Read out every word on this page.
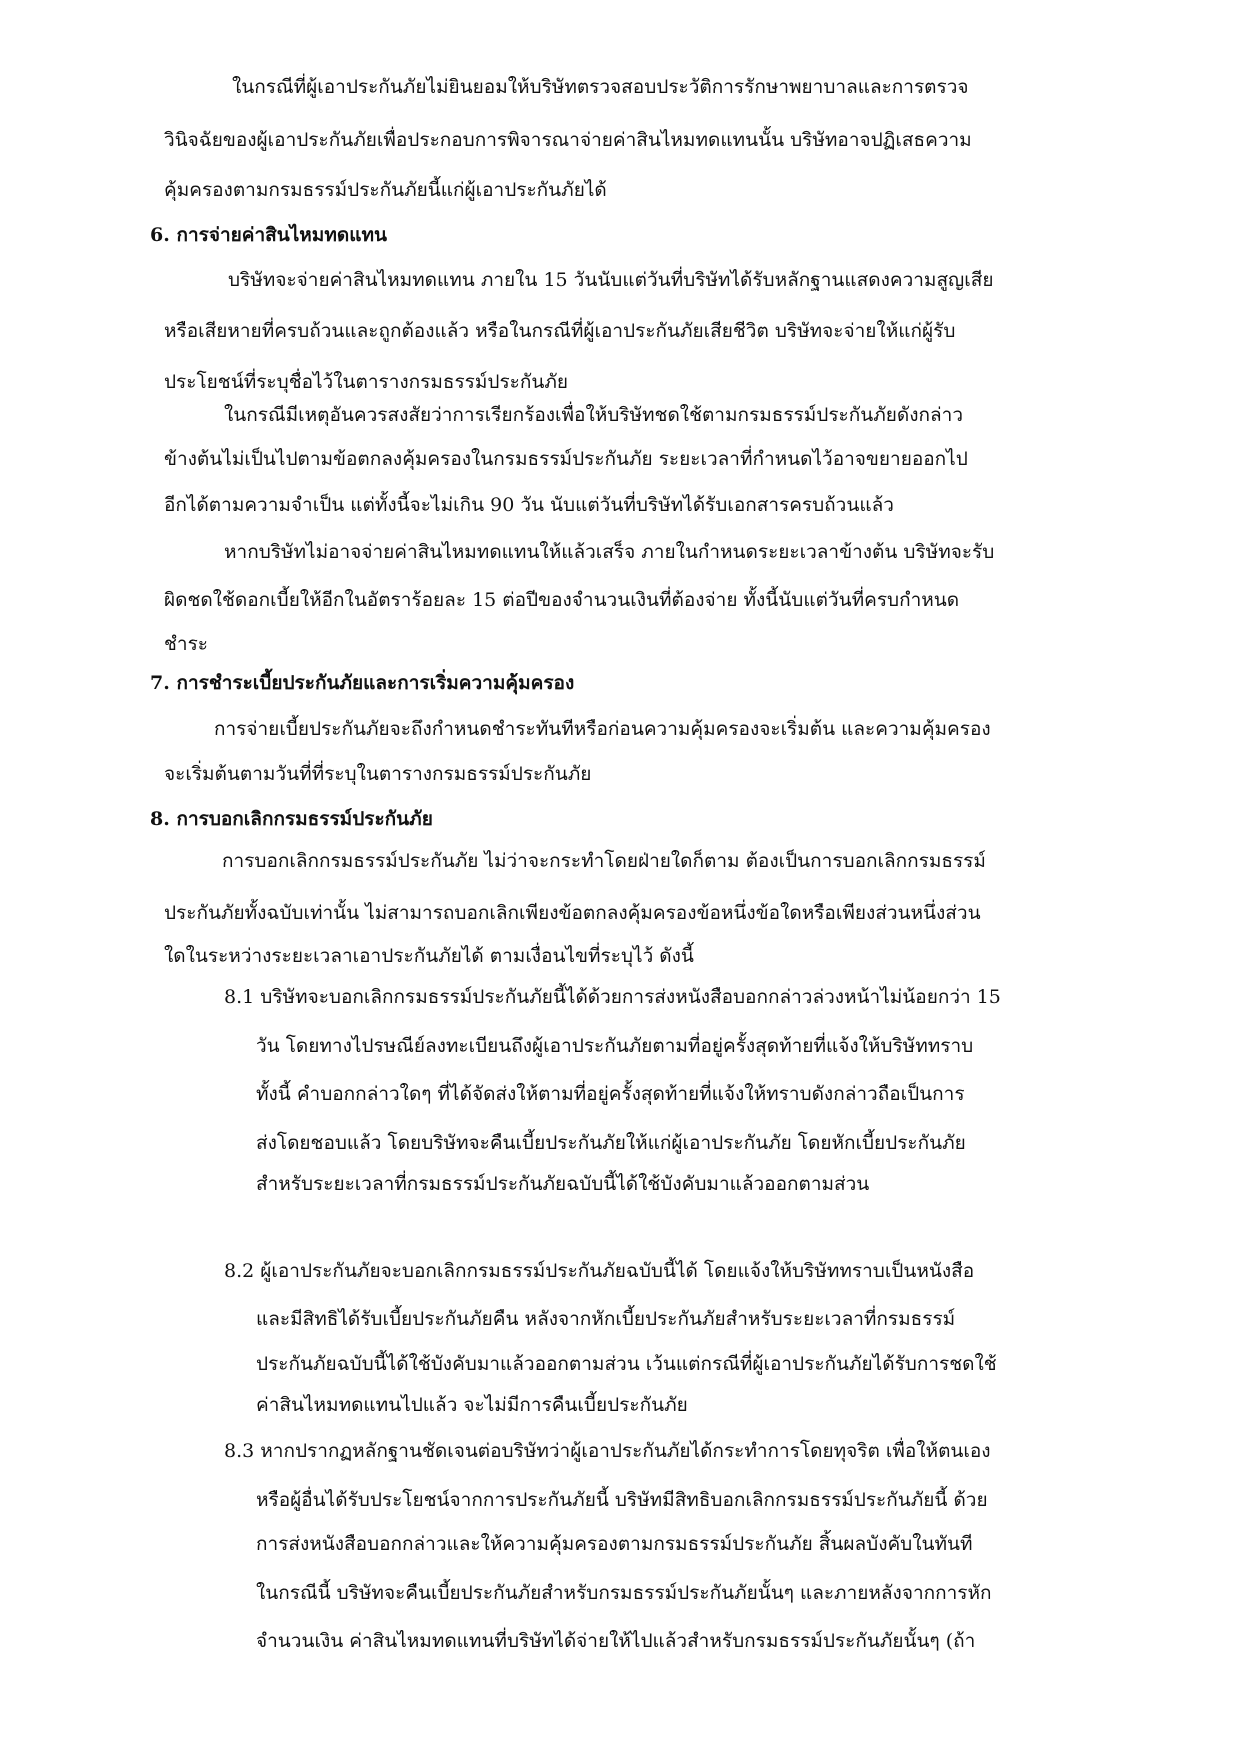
ในกรณีที่ผู้เอาประกันภัยไม่ยินยอมให้บริษัทตรวจสอบประวัติการรักษาพยาบาลและการตรวจ
วินิจฉัยของผู้เอาประกันภัยเพื่อประกอบการพิจารณาจ่ายค่าสินไหมทดแทนนั้น บริษัทอาจปฏิเสธความ
คุ้มครองตามกรมธรรม์ประกันภัยนี้แก่ผู้เอาประกันภัยได้
6. การจ่ายค่าสินไหมทดแทน
บริษัทจะจ่ายค่าสินไหมทดแทน ภายใน 15 วันนับแต่วันที่บริษัทได้รับหลักฐานแสดงความสูญเสีย
หรือเสียหายที่ครบถ้วนและถูกต้องแล้ว หรือในกรณีที่ผู้เอาประกันภัยเสียชีวิต บริษัทจะจ่ายให้แก่ผู้รับ
ประโยชน์ที่ระบุชื่อไว้ในตารางกรมธรรม์ประกันภัย
ในกรณีมีเหตุอันควรสงสัยว่าการเรียกร้องเพื่อให้บริษัทชดใช้ตามกรมธรรม์ประกันภัยดังกล่าว
ข้างต้นไม่เป็นไปตามข้อตกลงคุ้มครองในกรมธรรม์ประกันภัย ระยะเวลาที่กำหนดไว้อาจขยายออกไป
อีกได้ตามความจำเป็น แต่ทั้งนี้จะไม่เกิน 90 วัน นับแต่วันที่บริษัทได้รับเอกสารครบถ้วนแล้ว
หากบริษัทไม่อาจจ่ายค่าสินไหมทดแทนให้แล้วเสร็จ ภายในกำหนดระยะเวลาข้างต้น บริษัทจะรับ
ผิดชดใช้ดอกเบี้ยให้อีกในอัตราร้อยละ 15 ต่อปีของจำนวนเงินที่ต้องจ่าย ทั้งนี้นับแต่วันที่ครบกำหนด
ชำระ
7. การชำระเบี้ยประกันภัยและการเริ่มความคุ้มครอง
การจ่ายเบี้ยประกันภัยจะถึงกำหนดชำระทันทีหรือก่อนความคุ้มครองจะเริ่มต้น และความคุ้มครอง
จะเริ่มต้นตามวันที่ที่ระบุในตารางกรมธรรม์ประกันภัย
8. การบอกเลิกกรมธรรม์ประกันภัย
การบอกเลิกกรมธรรม์ประกันภัย ไม่ว่าจะกระทำโดยฝ่ายใดก็ตาม ต้องเป็นการบอกเลิกกรมธรรม์
ประกันภัยทั้งฉบับเท่านั้น ไม่สามารถบอกเลิกเพียงข้อตกลงคุ้มครองข้อหนึ่งข้อใดหรือเพียงส่วนหนึ่งส่วน
ใดในระหว่างระยะเวลาเอาประกันภัยได้ ตามเงื่อนไขที่ระบุไว้ ดังนี้
8.1 บริษัทจะบอกเลิกกรมธรรม์ประกันภัยนี้ได้ด้วยการส่งหนังสือบอกกล่าวล่วงหน้าไม่น้อยกว่า 15
วัน โดยทางไปรษณีย์ลงทะเบียนถึงผู้เอาประกันภัยตามที่อยู่ครั้งสุดท้ายที่แจ้งให้บริษัททราบ
ทั้งนี้ คำบอกกล่าวใดๆ ที่ได้จัดส่งให้ตามที่อยู่ครั้งสุดท้ายที่แจ้งให้ทราบดังกล่าวถือเป็นการ
ส่งโดยชอบแล้ว โดยบริษัทจะคืนเบี้ยประกันภัยให้แก่ผู้เอาประกันภัย โดยหักเบี้ยประกันภัย
สำหรับระยะเวลาที่กรมธรรม์ประกันภัยฉบับนี้ได้ใช้บังคับมาแล้วออกตามส่วน
8.2 ผู้เอาประกันภัยจะบอกเลิกกรมธรรม์ประกันภัยฉบับนี้ได้ โดยแจ้งให้บริษัททราบเป็นหนังสือ
และมีสิทธิได้รับเบี้ยประกันภัยคืน หลังจากหักเบี้ยประกันภัยสำหรับระยะเวลาที่กรมธรรม์
ประกันภัยฉบับนี้ได้ใช้บังคับมาแล้วออกตามส่วน เว้นแต่กรณีที่ผู้เอาประกันภัยได้รับการชดใช้
ค่าสินไหมทดแทนไปแล้ว จะไม่มีการคืนเบี้ยประกันภัย
8.3 หากปรากฏหลักฐานชัดเจนต่อบริษัทว่าผู้เอาประกันภัยได้กระทำการโดยทุจริต เพื่อให้ตนเอง
หรือผู้อื่นได้รับประโยชน์จากการประกันภัยนี้ บริษัทมีสิทธิบอกเลิกกรมธรรม์ประกันภัยนี้ ด้วย
การส่งหนังสือบอกกล่าวและให้ความคุ้มครองตามกรมธรรม์ประกันภัย สิ้นผลบังคับในทันที
ในกรณีนี้ บริษัทจะคืนเบี้ยประกันภัยสำหรับกรมธรรม์ประกันภัยนั้นๆ และภายหลังจากการหัก
จำนวนเงิน ค่าสินไหมทดแทนที่บริษัทได้จ่ายให้ไปแล้วสำหรับกรมธรรม์ประกันภัยนั้นๆ (ถ้า
